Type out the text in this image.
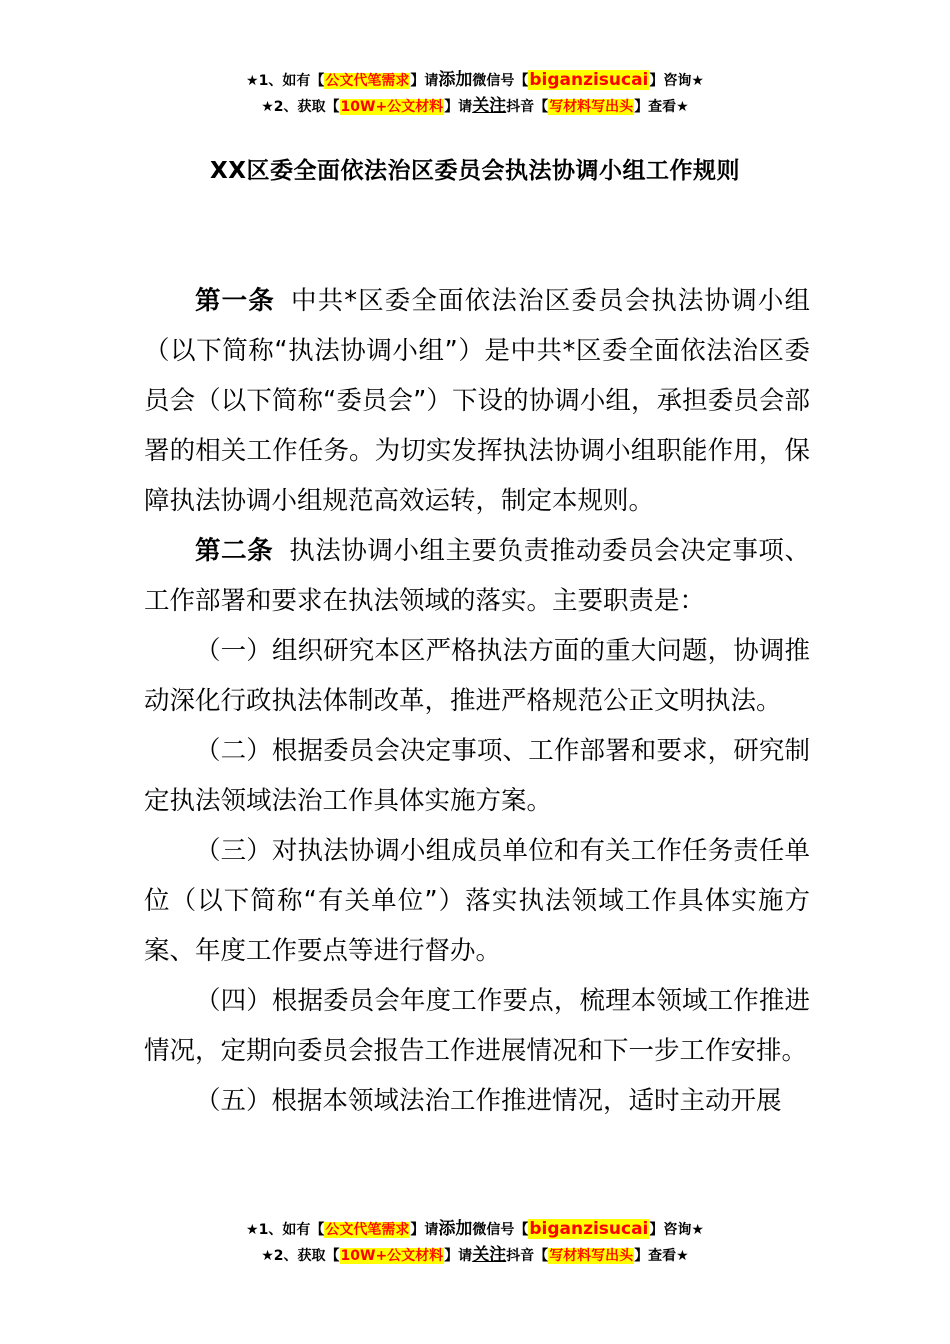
★1、如有【公文代笔需求】请添加微信号【biganzisucai】咨询★
★2、获取【10W+公文材料】请关注抖音【写材料写出头】查看★
XX区委全面依法治区委员会执法协调小组工作规则

第一条 中共*区委全面依法治区委员会执法协调小组（以下简称“执法协调小组”）是中共*区委全面依法治区委员会（以下简称“委员会”）下设的协调小组，承担委员会部署的相关工作任务。为切实发挥执法协调小组职能作用，保障执法协调小组规范高效运转，制定本规则。

第二条 执法协调小组主要负责推动委员会决定事项、工作部署和要求在执法领域的落实。主要职责是：

（一）组织研究本区严格执法方面的重大问题，协调推动深化行政执法体制改革，推进严格规范公正文明执法。

（二）根据委员会决定事项、工作部署和要求，研究制定执法领域法治工作具体实施方案。

（三）对执法协调小组成员单位和有关工作任务责任单位（以下简称“有关单位”）落实执法领域工作具体实施方案、年度工作要点等进行督办。

（四）根据委员会年度工作要点，梳理本领域工作推进情况，定期向委员会报告工作进展情况和下一步工作安排。

（五）根据本领域法治工作推进情况，适时主动开展

★1、如有【公文代笔需求】请添加微信号【biganzisucai】咨询★
★2、获取【10W+公文材料】请关注抖音【写材料写出头】查看★
